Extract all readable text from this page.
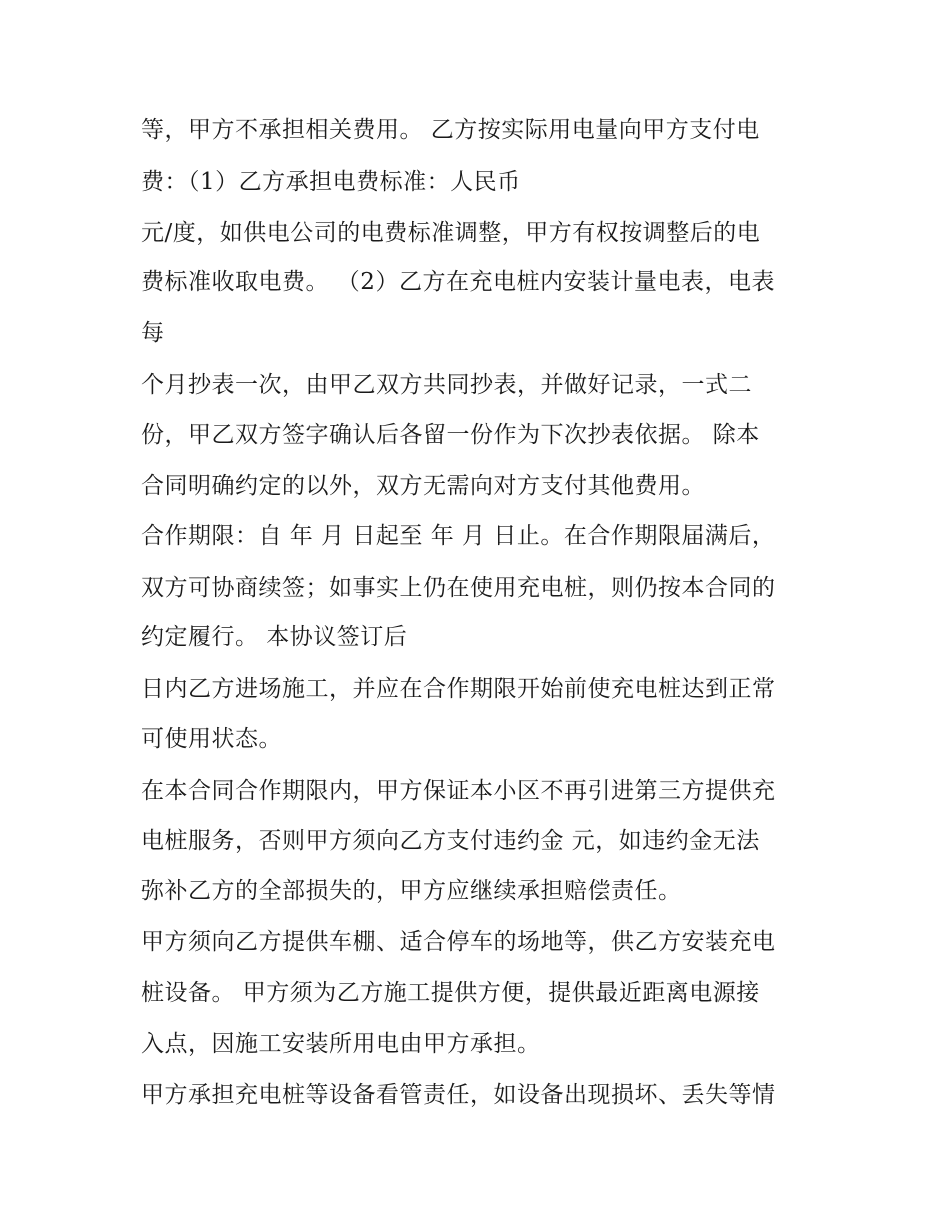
等，甲方不承担相关费用。 乙方按实际用电量向甲方支付电
费：（1）乙方承担电费标准：人民币
元/度，如供电公司的电费标准调整，甲方有权按调整后的电
费标准收取电费。 （2）乙方在充电桩内安装计量电表，电表
每
个月抄表一次，由甲乙双方共同抄表，并做好记录，一式二
份，甲乙双方签字确认后各留一份作为下次抄表依据。 除本
合同明确约定的以外，双方无需向对方支付其他费用。
合作期限：自 年 月 日起至 年 月 日止。在合作期限届满后，
双方可协商续签；如事实上仍在使用充电桩，则仍按本合同的
约定履行。 本协议签订后
日内乙方进场施工，并应在合作期限开始前使充电桩达到正常
可使用状态。
在本合同合作期限内，甲方保证本小区不再引进第三方提供充
电桩服务，否则甲方须向乙方支付违约金 元，如违约金无法
弥补乙方的全部损失的，甲方应继续承担赔偿责任。
甲方须向乙方提供车棚、适合停车的场地等，供乙方安装充电
桩设备。 甲方须为乙方施工提供方便，提供最近距离电源接
入点，因施工安装所用电由甲方承担。
甲方承担充电桩等设备看管责任，如设备出现损坏、丢失等情
